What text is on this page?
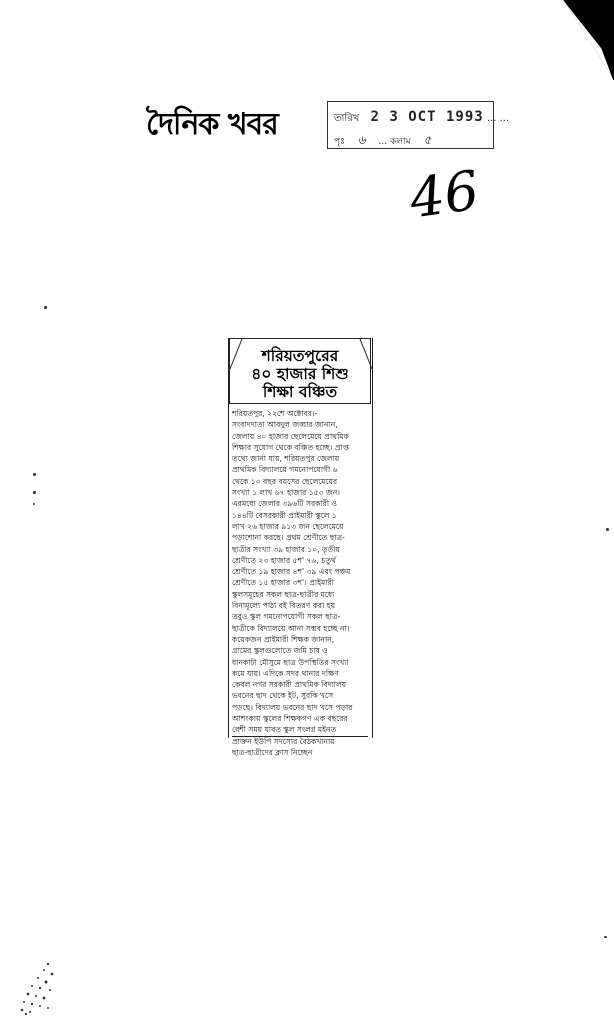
দৈনিক খবর	তারিখ 2 3 OCT 1993 ... ...
পৃঃ ৬ ... কলাম ৫
46
শরিয়তপুরের
৪০ হাজার শিশু
শিক্ষা বঞ্চিত
শরিয়তপুর, ২২শে অক্টোবর।-
সংবাদদাতা আবদুল জব্বার জানান,
জেলায় ৪০ হাজার ছেলেমেয়ে প্রাথমিক
শিক্ষার সুযোগ থেকে বঞ্চিত হচ্ছে। প্রাপ্ত
তথ্যে জানা যায়, শরিয়তপুর জেলায়
প্রাথমিক বিদ্যালয়ে গমনোপযোগী ৬
থেকে ১০ বছর বয়সের ছেলেমেয়ের
সংখ্যা ১ লাখ ৬৭ হাজার ১৫৩ জন।
এরমধ্যে জেলার ৩৯৬টি সরকারী ও
১৪৪টি বেসরকারী প্রাইমারী স্কুলে ১
লাখ ২৬ হাজার ৯১৩ জন ছেলেমেয়ে
পড়াশোনা করছে। প্রথম শ্রেণীতে ছাত্র-
ছাত্রীর সংখ্যা ৩৯ হাজার ১০, তৃতীয়
শ্রেণীতে ২৩ হাজার ৫শ' ৭৬, চতুর্থ
শ্রেণীতে ১৯ হাজার ৪শ' ৩৯ এবং পঞ্চম
শ্রেণীতে ১৫ হাজার ৩শ'। প্রাইমারী
স্কুলসমূহের সকল ছাত্র-ছাত্রীর মধ্যে
বিনামূল্যে পাঠ্য বই বিতরণ করা হয়
তবুও স্কুল গমনোপযোগী সকল ছাত্র-
ছাত্রীকে বিদ্যালয়ে আনা সম্ভব হচ্ছে না।
কয়েকজন প্রাইমারী শিক্ষক জানান,
গ্রামের স্কুলগুলোতে জমি চাষ ও
ধানকাটা মৌসুমে ছাত্র উপস্থিতির সংখ্যা
কমে যায়। এদিকে সদর থানার দক্ষিণ
কেবল নগর সরকারী প্রাথমিক বিদ্যালয়
ভবনের ছাদ থেকে ইট, সুরকি খসে
পড়ছে। বিদ্যালয় ভবনের ছাদ খসে পড়ার
আশংকায় স্কুলের শিক্ষকগণ এক বছরের
বেশী সময় যাবত স্কুল সংলগ্ন মইনত
প্রাক্তন ইউপি সদস্যের বৈঠকখানায়
ছাত্র-ছাত্রীদের ক্লাস নিচ্ছেন
